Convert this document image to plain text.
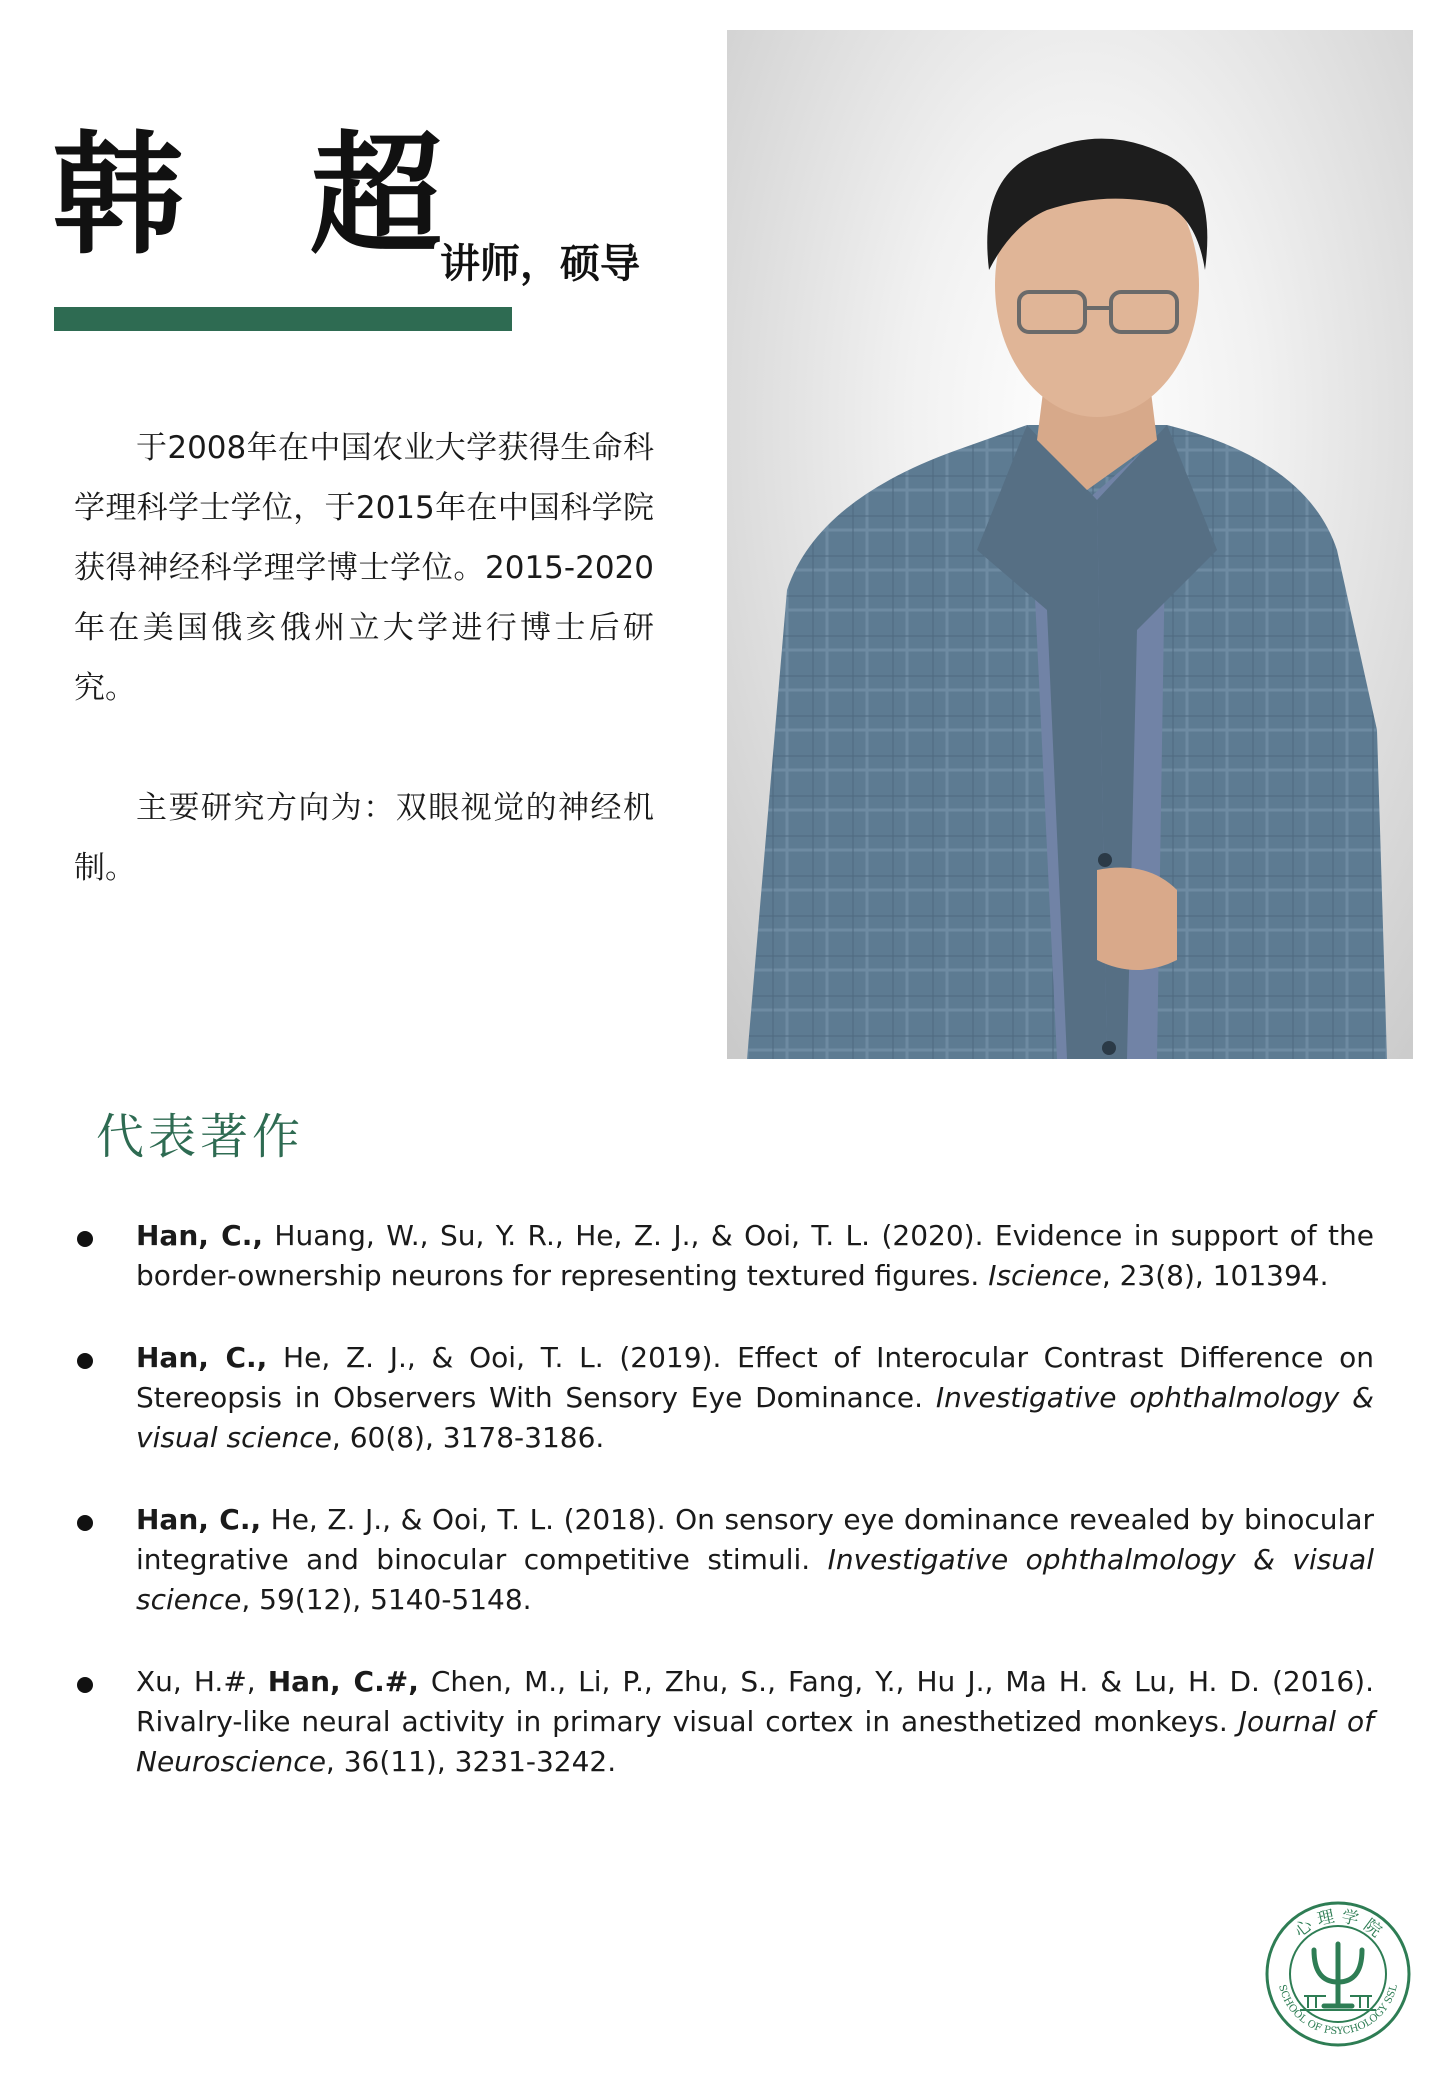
韩 超
讲师，硕导

于2008年在中国农业大学获得生命科学理科学士学位，于2015年在中国科学院获得神经科学理学博士学位。2015-2020年在美国俄亥俄州立大学进行博士后研究。

主要研究方向为：双眼视觉的神经机制。

代表著作
Han, C., Huang, W., Su, Y. R., He, Z. J., & Ooi, T. L. (2020). Evidence in support of the border-ownership neurons for representing textured figures. Iscience, 23(8), 101394.
Han, C., He, Z. J., & Ooi, T. L. (2019). Effect of Interocular Contrast Difference on Stereopsis in Observers With Sensory Eye Dominance. Investigative ophthalmology & visual science, 60(8), 3178-3186.
Han, C., He, Z. J., & Ooi, T. L. (2018). On sensory eye dominance revealed by binocular integrative and binocular competitive stimuli. Investigative ophthalmology & visual science, 59(12), 5140-5148.
Xu, H.#, Han, C.#, Chen, M., Li, P., Zhu, S., Fang, Y., Hu J., Ma H. & Lu, H. D. (2016). Rivalry-like neural activity in primary visual cortex in anesthetized monkeys. Journal of Neuroscience, 36(11), 3231-3242.
心 理 学 院
SCHOOL OF PSYCHOLOGY SSL
